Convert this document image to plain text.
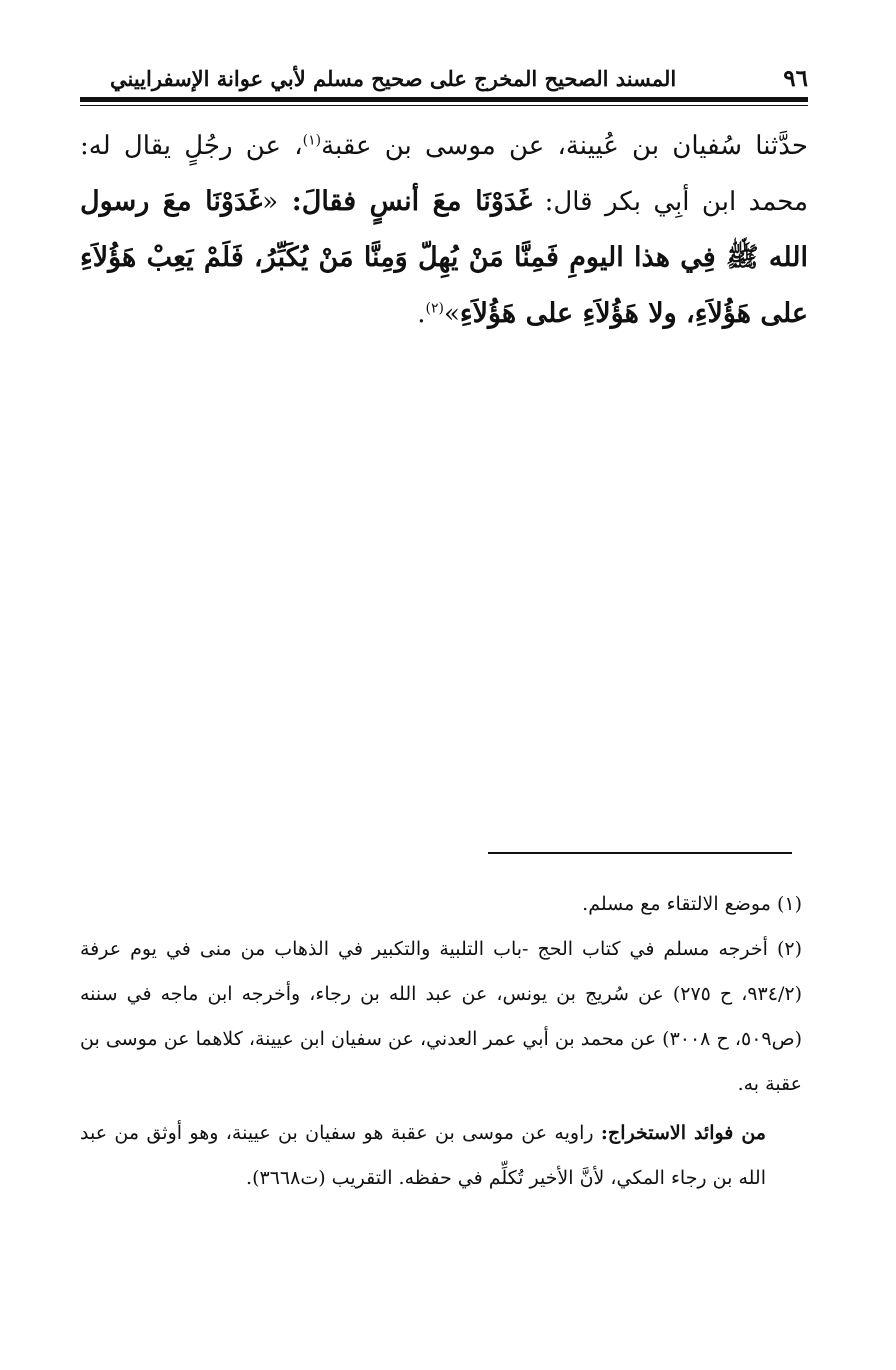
٩٦
المسند الصحيح المخرج على صحيح مسلم لأبي عوانة الإسفراييني
حدَّثنا سُفيان بن عُيينة، عن موسى بن عقبة$^{(١)}$، عن رجُلٍ يقال له: محمد ابن أبِي بكر قال: غَدَوْنَا معَ أنسٍ فقالَ: «غَدَوْنَا معَ رسول الله ﷺ فِي هذا اليومِ فَمِنَّا مَنْ يُهِلّ وَمِنَّا مَنْ يُكَبِّرُ، فَلَمْ يَعِبْ هَؤُلاَءِ على هَؤُلاَءِ، ولا هَؤُلاَءِ على هَؤُلاَءِ»$^{(٢)}$.

(١) موضع الالتقاء مع مسلم.

(٢) أخرجه مسلم في كتاب الحج -باب التلبية والتكبير في الذهاب من منى في يوم عرفة (٩٣٤/٢، ح ٢٧٥) عن سُريج بن يونس، عن عبد الله بن رجاء، وأخرجه ابن ماجه في سننه (ص٥٠٩، ح ٣٠٠٨) عن محمد بن أبي عمر العدني، عن سفيان ابن عيينة، كلاهما عن موسى بن عقبة به.

من فوائد الاستخراج: راويه عن موسى بن عقبة هو سفيان بن عيينة، وهو أوثق من عبد الله بن رجاء المكي، لأنَّ الأخير تُكلِّم في حفظه. التقريب (ت٣٦٦٨).
